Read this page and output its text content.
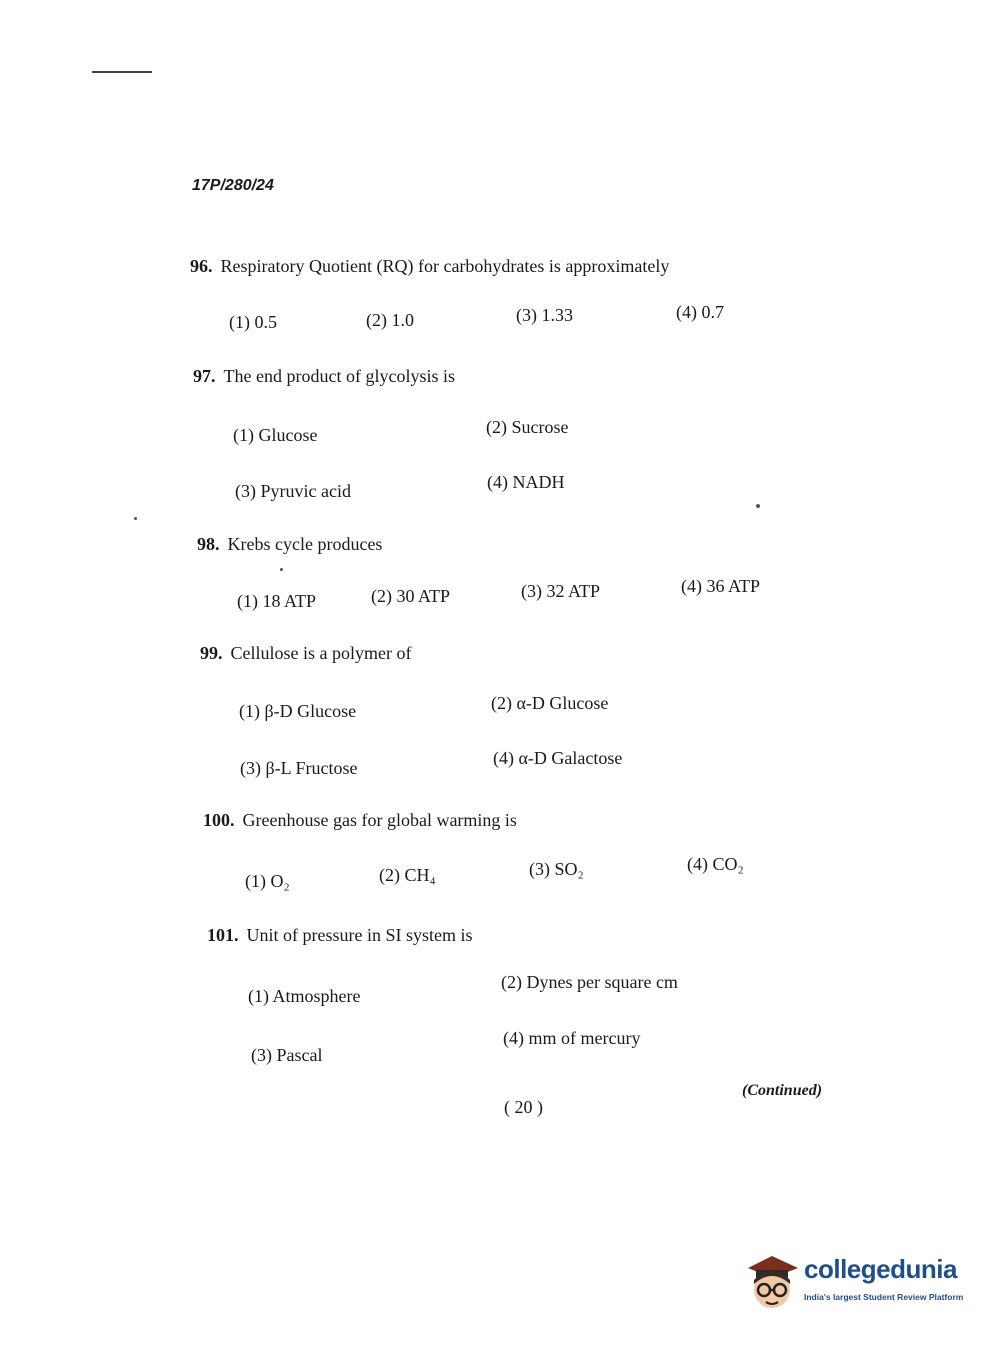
17P/280/24
96. Respiratory Quotient (RQ) for carbohydrates is approximately
(1) 0.5	(2) 1.0	(3) 1.33	(4) 0.7
97. The end product of glycolysis is
(1) Glucose	(2) Sucrose
(3) Pyruvic acid	(4) NADH
98. Krebs cycle produces
(1) 18 ATP	(2) 30 ATP	(3) 32 ATP	(4) 36 ATP
99. Cellulose is a polymer of
(1) β-D Glucose	(2) α-D Glucose
(3) β-L Fructose	(4) α-D Galactose
100. Greenhouse gas for global warming is
(1) O₂	(2) CH₄	(3) SO₂	(4) CO₂
101. Unit of pressure in SI system is
(1) Atmosphere
(2) Dynes per square cm
(3) Pascal
(4) mm of mercury
( 20 )
(Continued)
collegedunia
India's largest Student Review Platform
